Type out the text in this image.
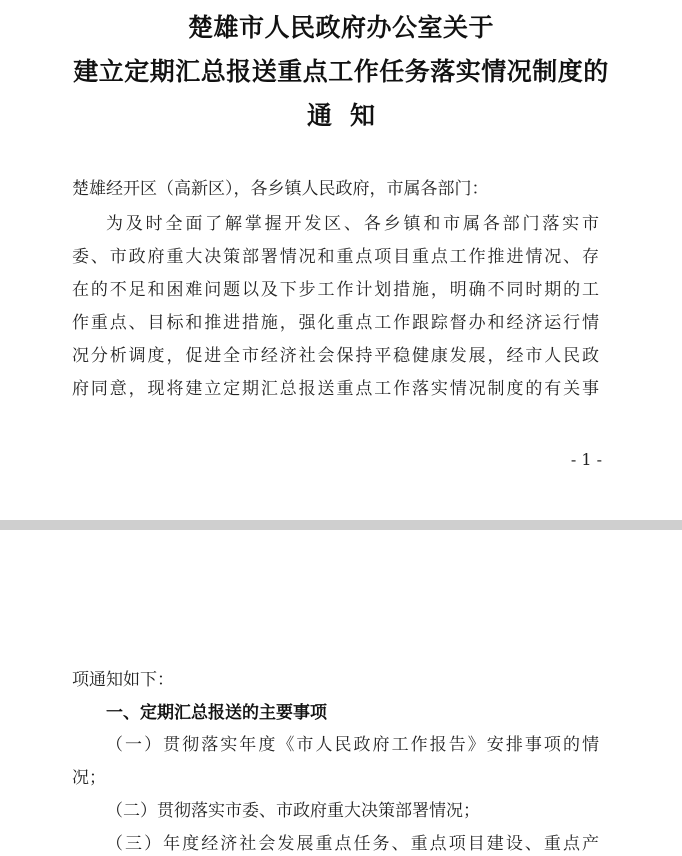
楚雄市人民政府办公室关于
建立定期汇总报送重点工作任务落实情况制度的
通知
楚雄经开区（高新区），各乡镇人民政府，市属各部门：
为及时全面了解掌握开发区、各乡镇和市属各部门落实市
委、市政府重大决策部署情况和重点项目重点工作推进情况、存
在的不足和困难问题以及下步工作计划措施，明确不同时期的工
作重点、目标和推进措施，强化重点工作跟踪督办和经济运行情
况分析调度，促进全市经济社会保持平稳健康发展，经市人民政
府同意，现将建立定期汇总报送重点工作落实情况制度的有关事
- 1 -
项通知如下：
一、定期汇总报送的主要事项
（一）贯彻落实年度《市人民政府工作报告》安排事项的情
况；
（二）贯彻落实市委、市政府重大决策部署情况；
（三）年度经济社会发展重点任务、重点项目建设、重点产
